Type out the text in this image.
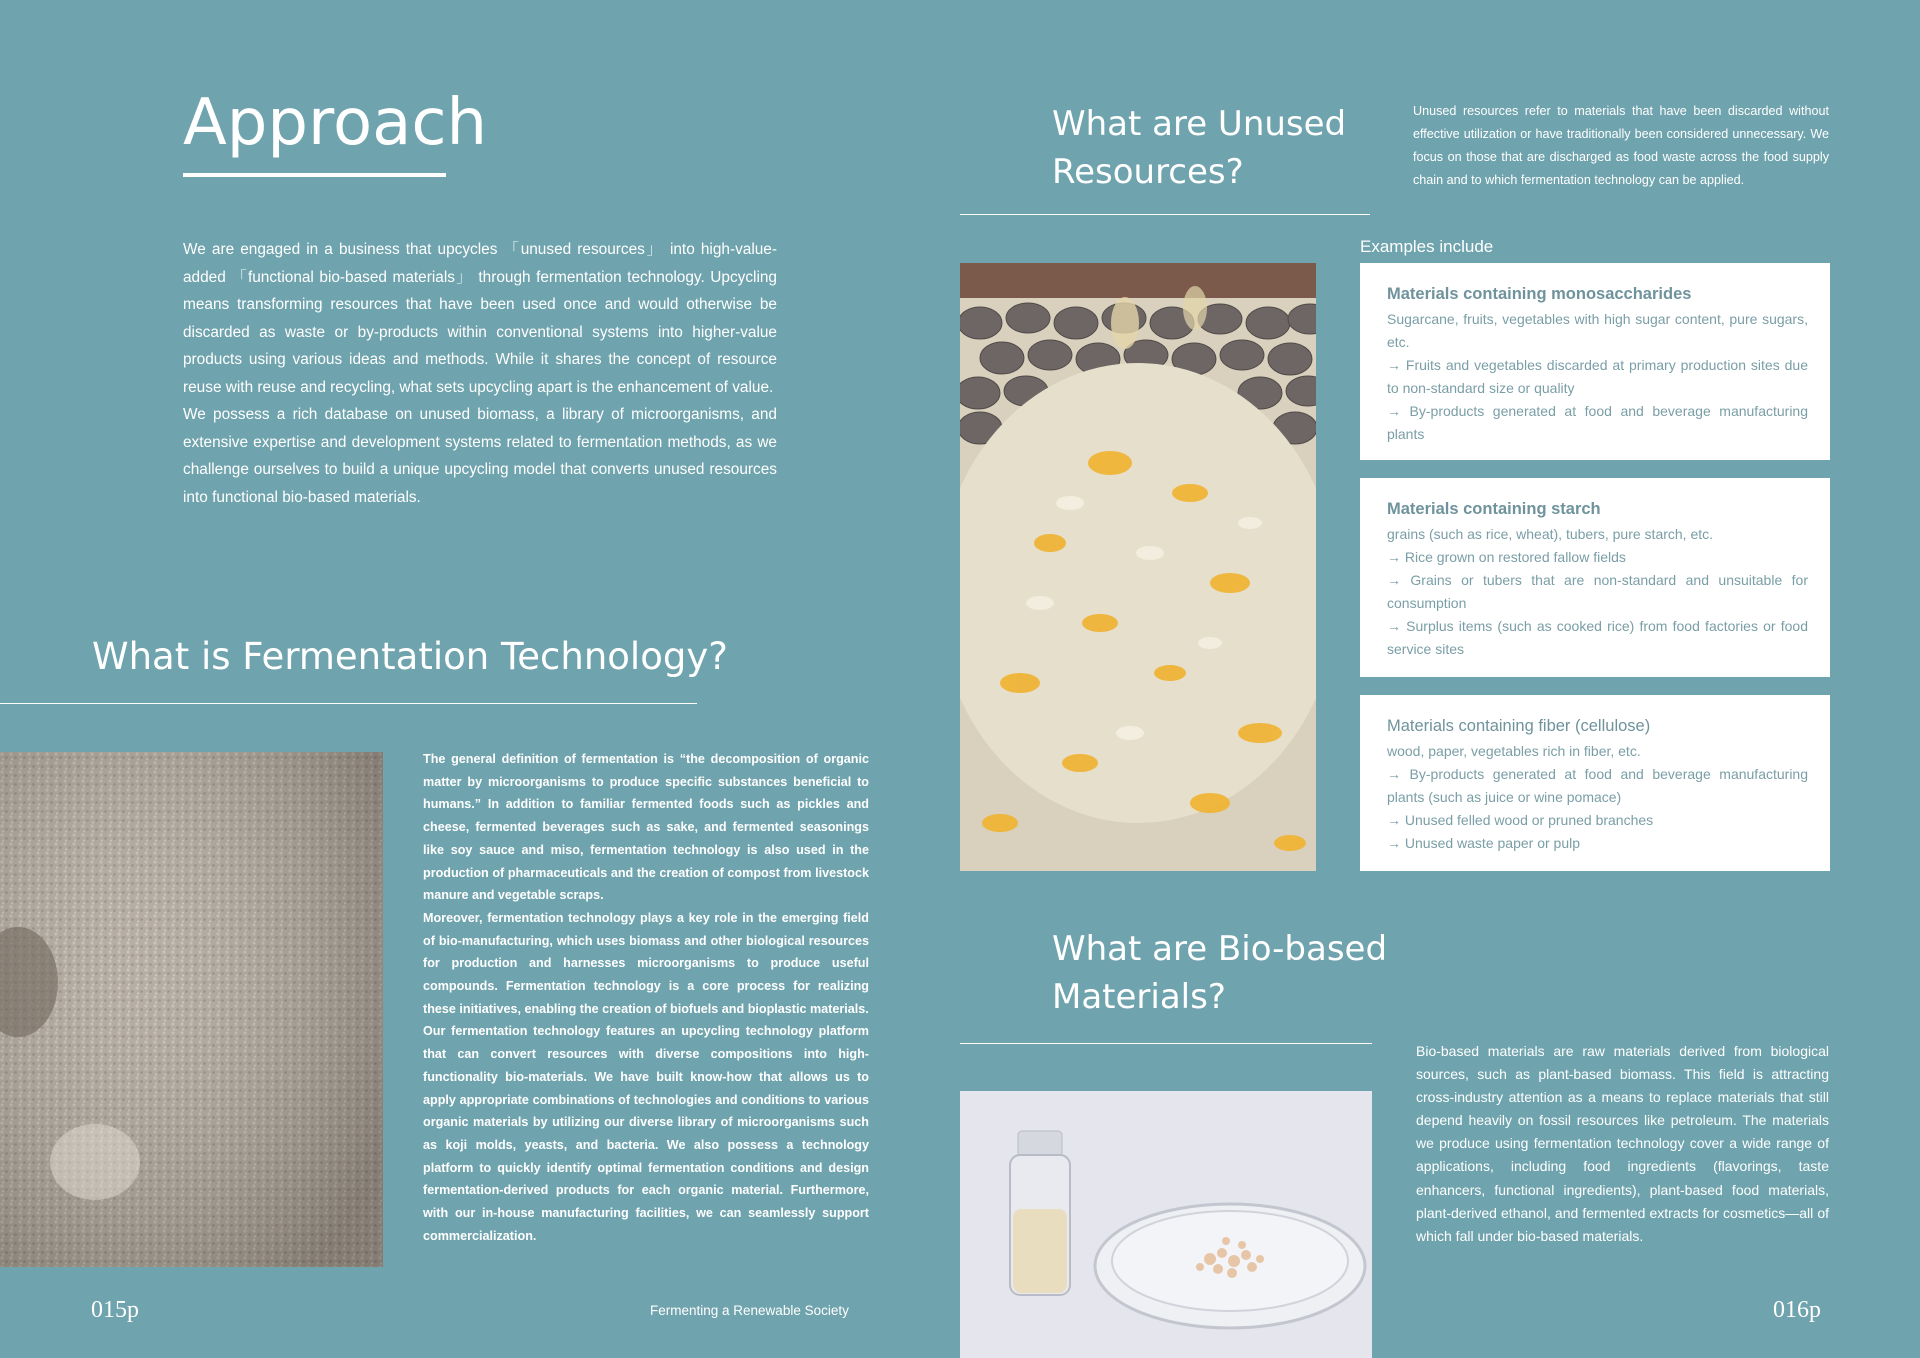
Approach

We are engaged in a business that upcycles 「unused resources」 into high-value-added 「functional bio-based materials」 through fermentation technology. Upcycling means transforming resources that have been used once and would otherwise be discarded as waste or by-products within conventional systems into higher-value products using various ideas and methods. While it shares the concept of resource reuse with reuse and recycling, what sets upcycling apart is the enhancement of value.

We possess a rich database on unused biomass, a library of microorganisms, and extensive expertise and development systems related to fermentation methods, as we challenge ourselves to build a unique upcycling model that converts unused resources into functional bio-based materials.

What is Fermentation Technology?

The general definition of fermentation is “the decomposition of organic matter by microorganisms to produce specific substances beneficial to humans.” In addition to familiar fermented foods such as pickles and cheese, fermented beverages such as sake, and fermented seasonings like soy sauce and miso, fermentation technology is also used in the production of pharmaceuticals and the creation of compost from livestock manure and vegetable scraps.

Moreover, fermentation technology plays a key role in the emerging field of bio-manufacturing, which uses biomass and other biological resources for production and harnesses microorganisms to produce useful compounds. Fermentation technology is a core process for realizing these initiatives, enabling the creation of biofuels and bioplastic materials.

Our fermentation technology features an upcycling technology platform that can convert resources with diverse compositions into high-functionality bio-materials. We have built know-how that allows us to apply appropriate combinations of technologies and conditions to various organic materials by utilizing our diverse library of microorganisms such as koji molds, yeasts, and bacteria. We also possess a technology platform to quickly identify optimal fermentation conditions and design fermentation-derived products for each organic material. Furthermore, with our in-house manufacturing facilities, we can seamlessly support commercialization.

015p	Fermenting a Renewable Society
What are Unused
Resources?

Unused resources refer to materials that have been discarded without effective utilization or have traditionally been considered unnecessary. We focus on those that are discharged as food waste across the food supply chain and to which fermentation technology can be applied.

Examples include

Materials containing monosaccharides

Sugarcane, fruits, vegetables with high sugar content, pure sugars, etc.

→ Fruits and vegetables discarded at primary production sites due to non-standard size or quality

→ By-products generated at food and beverage manufacturing plants

Materials containing starch

grains (such as rice, wheat), tubers, pure starch, etc.

→ Rice grown on restored fallow fields

→ Grains or tubers that are non-standard and unsuitable for consumption

→ Surplus items (such as cooked rice) from food factories or food service sites

Materials containing fiber (cellulose)

wood, paper, vegetables rich in fiber, etc.

→ By-products generated at food and beverage manufacturing plants (such as juice or wine pomace)

→ Unused felled wood or pruned branches

→ Unused waste paper or pulp

What are Bio-based
Materials?

Bio-based materials are raw materials derived from biological sources, such as plant-based biomass. This field is attracting cross-industry attention as a means to replace materials that still depend heavily on fossil resources like petroleum. The materials we produce using fermentation technology cover a wide range of applications, including food ingredients (flavorings, taste enhancers, functional ingredients), plant-based food materials, plant-derived ethanol, and fermented extracts for cosmetics—all of which fall under bio-based materials.

016p
